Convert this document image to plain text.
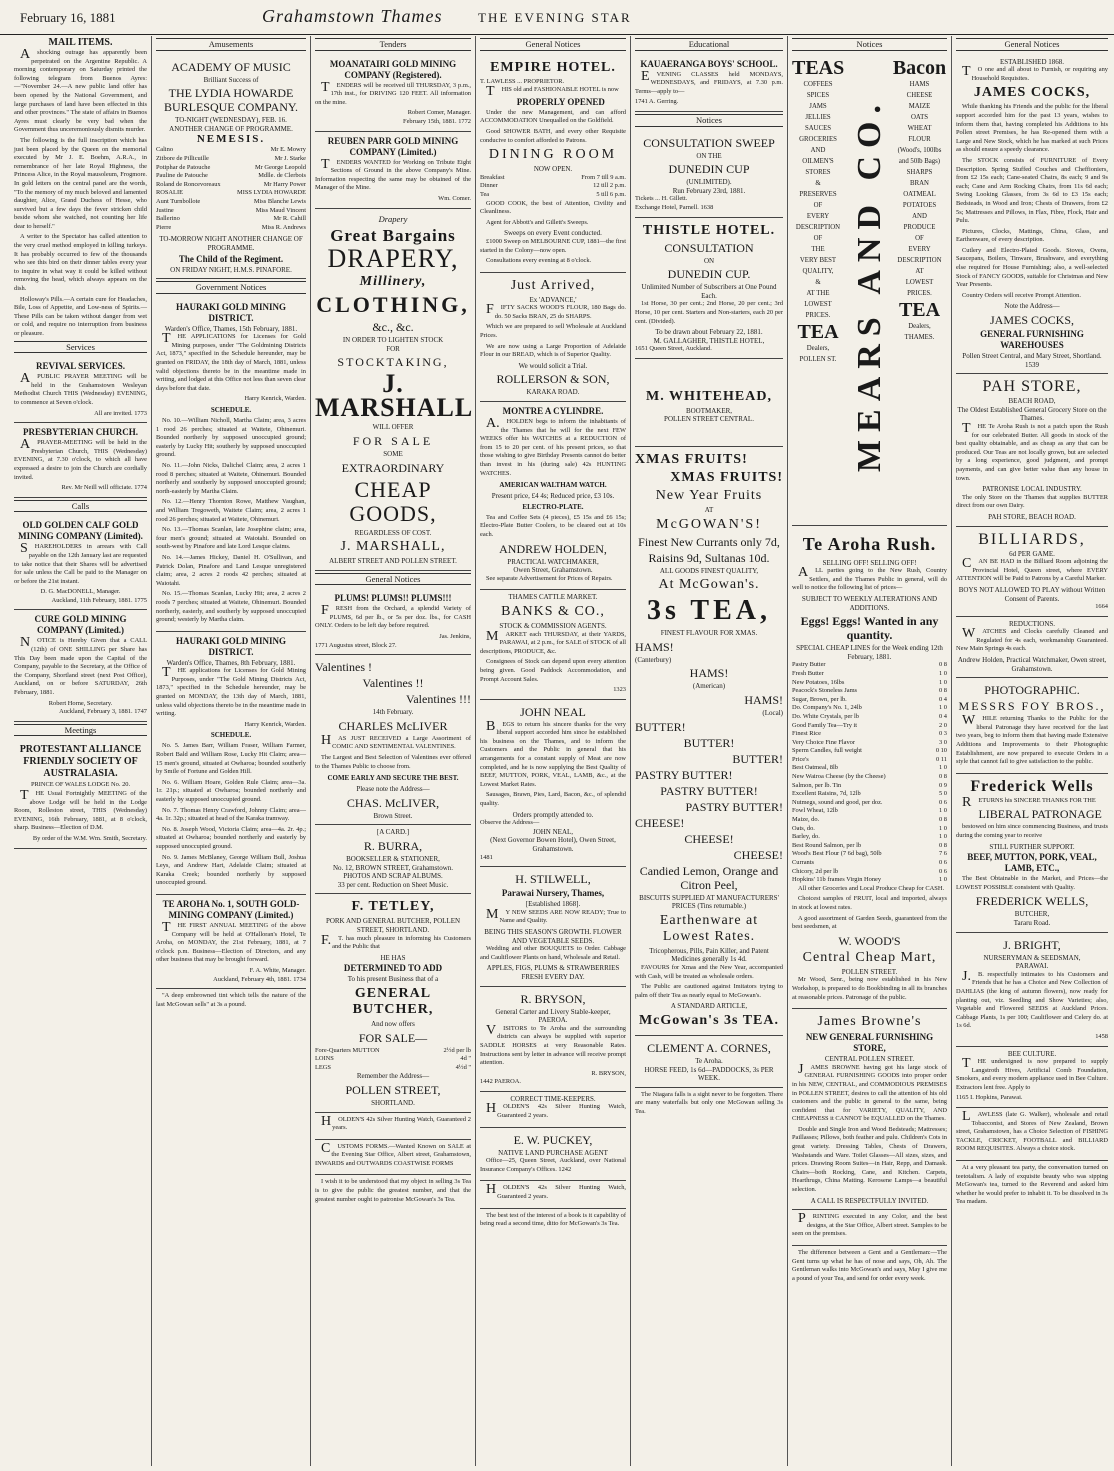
February 16, 1881	Grahamstown Thames	THE EVENING STAR
MAIL ITEMS.

Ashocking outrage has apparently been perpetrated on the Argentine Republic. A morning contemporary on Saturday printed the following telegram from Buenos Ayres:—"November 24.—A new public land offer has been opened by the National Government, and large purchases of land have been effected in this and other provinces." The state of affairs in Buenos Ayres must clearly be very bad when the Government thus unceremoniously dismits murder.

The following is the full inscription which has just been placed by the Queen on the memorial executed by Mr J. E. Boehm, A.R.A., in remembrance of her late Royal Highness, the Princess Alice, in the Royal mausoleum, Frogmore. In gold letters on the central panel are the words, "To the memory of my much beloved and lamented daughter, Alice, Grand Duchess of Hesse, who survived but a few days the fever stricken child beside whom she watched, not counting her life dear to herself."

A writer to the Spectator has called attention to the very cruel method employed in killing turkeys. It has probably occurred to few of the thousands who see this bird on their dinner tables every year to inquire in what way it could be killed without removing the head, which always appears on the dish.

Holloway's Pills.—A certain cure for Headaches, Bile, Loss of Appetite, and Low-ness of Spirits.—These Pills can be taken without danger from wet or cold, and require no interruption from business or pleasure.

Services
REVIVAL SERVICES.

APUBLIC PRAYER MEETING will be held in the Grahamstown Wesleyan Methodist Church THIS (Wednesday) EVENING, to commence at Seven o'clock.

All are invited. 1773
PRESBYTERIAN CHURCH.

APRAYER-MEETING will be held in the Presbyterian Church, THIS (Wednesday) EVENING, at 7.30 o'clock, to which all have expressed a desire to join the Church are cordially invited.

Rev. Mr Neill will officiate. 1774
Calls
OLD GOLDEN CALF GOLD MINING COMPANY (Limited).

SHAREHOLDERS in arrears with Call payable on the 12th January last are requested to take notice that their Shares will be advertised for sale unless the Call be paid to the Manager on or before the 21st instant.

D. G. MacDONELL, Manager.
Auckland, 11th February, 1881. 1775
CURE GOLD MINING COMPANY (Limited.)

NOTICE is Hereby Given that a CALL (12th) of ONE SHILLING per Share has This Day been made upon the Capital of the Company, payable to the Secretary, at the Office of the Company, Shortland street (next Post Office), Auckland, on or before SATURDAY, 26th February, 1881.

Robert Horne, Secretary.
Auckland, February 3, 1881. 1747
Meetings
PROTESTANT ALLIANCE FRIENDLY SOCIETY OF AUSTRALASIA.
PRINCE OF WALES LODGE No. 20.

THE Usual Fortnightly MEETING of the above Lodge will be held in the Lodge Room, Rolleston street, THIS (Wednesday) EVENING, 16th February, 1881, at 8 o'clock, sharp. Business—Election of D.M.

By order of the W.M. Wm. Smith, Secretary.
Amusements
ACADEMY OF MUSIC
Brilliant Success of
THE LYDIA HOWARDE BURLESQUE COMPANY.
TO-NIGHT (WEDNESDAY), FEB. 16.
ANOTHER CHANGE OF PROGRAMME.
NEMESIS.
Calino	Mr E. Mowry
Zitbore de Pillicuille	Mr J. Starke
Potiphar de Patouche	Mr George Leopold
Pauline de Patouche	Mdlle. de Clerbois
Roland de Roncevoreaux	Mr Harry Power
ROSALIE	MISS LYDIA HOWARDE
Aunt Turnbollote	Miss Blanche Lewis
Justine	Miss Maud Vincent
Ballerino	Mr R. Cahill
Pierre	Miss R. Andrews
TO-MORROW NIGHT ANOTHER CHANGE OF PROGRAMME.
The Child of the Regiment.
ON FRIDAY NIGHT, H.M.S. PINAFORE.
Government Notices
HAURAKI GOLD MINING DISTRICT.
Warden's Office, Thames, 15th February, 1881.

THE APPLICATIONS for Licenses for Gold Mining purposes, under "The Goldmining Districts Act, 1873," specified in the Schedule hereunder, may be granted on FRIDAY, the 18th day of March, 1881, unless valid objections thereto be in the meantime made in writing, and lodged at this Office not less than seven clear days before that date.

Harry Kenrick, Warden.
SCHEDULE.

No. 10.—William Nicholl, Martha Claim; area, 3 acres 1 rood 26 perches; situated at Waitete, Ohinemuri. Bounded northerly by supposed unoccupied ground; easterly by Lucky Hit; southerly by supposed unoccupied ground.

No. 11.—John Nicks, Dalichel Claim; area, 2 acres 1 rood 8 perches; situated at Waitete, Ohinemuri. Bounded northerly and southerly by supposed unoccupied ground; north-easterly by Martha Claim.

No. 12.—Henry Thornton Rowe, Matthew Vaughan, and William Tregoweth, Waitete Claim; area, 2 acres 1 rood 26 perches; situated at Waitete, Ohinemuri.

No. 13.—Thomas Scanlan, late Josephine claim; area, four men's ground; situated at Waiotahi. Bounded on south-west by Pinafore and late Lord Lesque claims.

No. 14.—James Hickey, Daniel H. O'Sullivan, and Patrick Dolan, Pinafore and Land Lesque unregistered claim; area, 2 acres 2 roods 42 perches; situated at Waiotahi.

No. 15.—Thomas Scanlan, Lucky Hit; area, 2 acres 2 roods 7 perches; situated at Waitete, Ohinemuri. Bounded northerly, easterly, and southerly by supposed unoccupied ground; westerly by Martha claim.

HAURAKI GOLD MINING DISTRICT.
Warden's Office, Thames, 8th February, 1881.

THE applications for Licenses for Gold Mining Purposes, under "The Gold Mining Districts Act, 1873," specified in the Schedule hereunder, may be granted on MONDAY, the 13th day of March, 1881, unless valid objections thereto be in the meantime made in writing.

Harry Kenrick, Warden.
SCHEDULE.

No. 5. James Barr, William Fraser, William Farmer, Robert Bald and William Rose, Lucky Hit Claim; area—15 men's ground, situated at Owharoa; bounded southerly by Smile of Fortune and Golden Hill.

No. 6. William Hoare, Golden Rule Claim; area—3a. 1r. 21p.; situated at Owharoa; bounded northerly and easterly by supposed unoccupied ground.

No. 7. Thomas Henry Crawford, Johnny Claim; area—4a. 1r. 32p.; situated at head of the Karaka tramway.

No. 8. Joseph Wood, Victoria Claim; area—4a. 2r. 4p.; situated at Owharoa; bounded northerly and easterly by supposed unoccupied ground.

No. 9. James McBlaney, George William Bull, Joshua Leys, and Andrew Hart, Adelaide Claim; situated at Karaka Creek; bounded northerly by supposed unoccupied ground.

TE AROHA No. 1, SOUTH GOLD-MINING COMPANY (Limited.)

THE FIRST ANNUAL MEETING of the above Company will be held at O'Halloran's Hotel, Te Aroha, on MONDAY, the 21st February, 1881, at 7 o'clock p.m. Business—Election of Directors, and any other business that may be brought forward.

F. A. White, Manager.
Auckland, February 4th, 1881. 1734

"A deep embrowned tint which tells the nature of the last McGowan sells" at 3s a pound.

Tenders
MOANATAIRI GOLD MINING COMPANY (Registered).

TENDERS will be received till THURSDAY, 3 p.m., 17th inst., for DRIVING 120 FEET. All information on the mine.

Robert Comer, Manager.
February 15th, 1881. 1772
REUBEN PARR GOLD MINING COMPANY (Limited.)

TENDERS WANTED for Working on Tribute Eight Sections of Ground in the above Company's Mine. Information respecting the same may be obtained of the Manager of the Mine.

Wm. Comer.
Drapery
Great Bargains
DRAPERY,
Millinery,
CLOTHING,
&c., &c.
IN ORDER TO LIGHTEN STOCK
FOR
STOCKTAKING,
J. MARSHALL
WILL OFFER
FOR SALE
SOME
EXTRAORDINARY
CHEAP GOODS,
REGARDLESS OF COST.
J. MARSHALL,
ALBERT STREET AND POLLEN STREET.
General Notices
PLUMS! PLUMS!! PLUMS!!!

FRESH from the Orchard, a splendid Variety of PLUMS, 6d per lb., or 5s per doz. lbs., for CASH ONLY. Orders to be left day before required.

Jas. Jenkins,
1771 Augustus street, Block 27.
Valentines !
Valentines !!
Valentines !!!
14th February.
CHARLES McLIVER

HAS JUST RECEIVED a Large Assortment of COMIC AND SENTIMENTAL VALENTINES.

The Largest and Best Selection of Valentines ever offered to the Thames Public to choose from.

COME EARLY AND SECURE THE BEST.
Please note the Address—
CHAS. McLIVER,
Brown Street.
[A CARD.]
R. BURRA,
BOOKSELLER & STATIONER,
No. 12, BROWN STREET, Grahamstown.
PHOTOS AND SCRAP ALBUMS.
33 per cent. Reduction on Sheet Music.
F. TETLEY,
PORK AND GENERAL BUTCHER, POLLEN STREET, SHORTLAND.

F.T. has much pleasure in informing his Customers and the Public that

HE HAS
DETERMINED TO ADD
To his present Business that of a
GENERAL BUTCHER,
And now offers
FOR SALE—
Fore-Quarters MUTTON	2½d per lb
LOINS	4d "
LEGS	4½d "
Remember the Address—
POLLEN STREET,
SHORTLAND.

HOLDEN'S 42s Silver Hunting Watch, Guaranteed 2 years.

CUSTOMS FORMS.—Wanted Known on SALE at the Evening Star Office, Albert street, Grahamstown, INWARDS and OUTWARDS COASTWISE FORMS

I wish it to be understood that my object in selling 3s Tea is to give the public the greatest number, and that the greatest number ought to patronise McGowan's 3s Tea.

General Notices
EMPIRE HOTEL.
T. LAWLESS ... PROPRIETOR.

THIS old and FASHIONABLE HOTEL is now

PROPERLY OPENED

Under the new Management, and can afford ACCOMMODATION Unequalled on the Goldfield.

Good SHOWER BATH, and every other Requisite conducive to comfort afforded to Patrons.

DINING ROOM
NOW OPEN.
Breakfast	From 7 till 9 a.m.
Dinner	12 till 2 p.m.
Tea	5 till 6 p.m.

GOOD COOK, the best of Attention, Civility and Cleanliness.

Agent for Abbott's and Gillett's Sweeps.

Sweeps on every Event conducted.

£1000 Sweep on MELBOURNE CUP, 1881—the first started in the Colony—now open.

Consultations every evening at 8 o'clock.

Just Arrived,
Ex 'ADVANCE,'

FIFTY SACKS WOOD'S FLOUR, 180 Bags do. do. 50 Sacks BRAN, 25 do SHARPS.

Which we are prepared to sell Wholesale at Auckland Prices.

We are now using a Large Proportion of Adelaide Flour in our BREAD, which is of Superior Quality.

We would solicit a Trial.
ROLLERSON & SON,
KARAKA ROAD.
MONTRE A CYLINDRE.

A.HOLDEN begs to inform the inhabitants of the Thames that he will for the next FEW WEEKS offer his WATCHES at a REDUCTION of from 15 to 20 per cent. of his present prices, so that those wishing to give Birthday Presents cannot do better than invest in his (during sale) 42s HUNTING WATCHES.

AMERICAN WALTHAM WATCH.
Present price, £4 4s; Reduced price, £3 10s.
ELECTRO-PLATE.

Tea and Coffee Sets (4 pieces), £5 15s and £6 15s; Electro-Plate Butter Coolers, to be cleared out at 10s each.

ANDREW HOLDEN,
PRACTICAL WATCHMAKER,
Owen Street, Grahamstown.

See separate Advertisement for Prices of Repairs.

THAMES CATTLE MARKET.
BANKS & CO.,
STOCK & COMMISSION AGENTS.

MARKET each THURSDAY, at their YARDS, PARAWAI, at 2 p.m., for SALE of STOCK of all descriptions, PRODUCE, &c.

Consignees of Stock can depend upon every attention being given. Good Paddock Accommodation, and Prompt Account Sales.

1323
JOHN NEAL

BEGS to return his sincere thanks for the very liberal support accorded him since he established his business on the Thames, and to inform the Customers and the Public in general that his arrangements for a constant supply of Meat are now completed, and he is now supplying the Best Quality of BEEF, MUTTON, PORK, VEAL, LAMB, &c., at the Lowest Market Rates.

Sausages, Brawn, Pies, Lard, Bacon, &c., of splendid quality.

Orders promptly attended to.
Observe the Address—
JOHN NEAL,
(Next Governor Bowen Hotel), Owen Street, Grahamstown.
1481
H. STILWELL,
Parawai Nursery, Thames,
[Established 1868].

MY NEW SEEDS ARE NOW READY; True to Name and Quality.

BEING THIS SEASON'S GROWTH. FLOWER AND VEGETABLE SEEDS.

Wedding and other BOUQUETS to Order. Cabbage and Cauliflower Plants on hand, Wholesale and Retail.

APPLES, FIGS, PLUMS & STRAWBERRIES FRESH EVERY DAY.
R. BRYSON,
General Carter and Livery Stable-keeper, PAEROA.

VISITORS to Te Aroha and the surrounding districts can always be supplied with superior SADDLE HORSES at very Reasonable Rates. Instructions sent by letter in advance will receive prompt attention.

R. BRYSON,
1442 PAEROA.
CORRECT TIME-KEEPERS.

HOLDEN'S 42s Silver Hunting Watch, Guaranteed 2 years.

E. W. PUCKEY,
NATIVE LAND PURCHASE AGENT

Office—25, Queen Street, Auckland, over National Insurance Company's Offices. 1242

HOLDEN'S 42s Silver Hunting Watch, Guaranteed 2 years.

The best test of the interest of a book is it capability of being read a second time, ditto for McGowan's 3s Tea.

Educational
KAUAERANGA BOYS' SCHOOL.

EVENING CLASSES held MONDAYS, WEDNESDAYS, and FRIDAYS, at 7.30 p.m. Terms—apply to—

1741 A. Gerring.
Notices
CONSULTATION SWEEP
ON THE
DUNEDIN CUP
(UNLIMITED).
Run February 23rd, 1881.
Tickets ... H. Gillett.
Exchange Hotel, Parnell. 1638
THISTLE HOTEL.
CONSULTATION
ON
DUNEDIN CUP.
Unlimited Number of Subscribers at One Pound Each.

1st Horse, 30 per cent.; 2nd Horse, 20 per cent.; 3rd Horse, 10 per cent. Starters and Non-starters, each 20 per cent. (Divided).

To be drawn about February 22, 1881.
M. GALLAGHER, THISTLE HOTEL,
1651 Queen Street, Auckland.
M. WHITEHEAD,
BOOTMAKER,
POLLEN STREET CENTRAL.
XMAS FRUITS!
XMAS FRUITS!
New Year Fruits
AT
McGOWAN'S!
Finest New Currants only 7d,
Raisins 9d, Sultanas 10d.
ALL GOODS FINEST QUALITY,
At McGowan's.
3s TEA,
FINEST FLAVOUR FOR XMAS.
HAMS!
(Canterbury)
HAMS!
(American)
HAMS!
(Local)
BUTTER!
BUTTER!
BUTTER!
PASTRY BUTTER!
PASTRY BUTTER!
PASTRY BUTTER!
CHEESE!
CHEESE!
CHEESE!
Candied Lemon, Orange and Citron Peel,
BISCUITS SUPPLIED AT MANUFACTURERS' PRICES (Tins returnable.)
Earthenware at Lowest Rates.
Tricopherous, Pills, Pain Killer, and Patent Medicines generally 1s 4d.

FAVOURS for Xmas and the New Year, accompanied with Cash, will be treated as wholesale orders.

The Public are cautioned against Imitators trying to palm off their Tea as nearly equal to McGowan's.

A STANDARD ARTICLE,
McGowan's 3s TEA.
CLEMENT A. CORNES,
Te Aroha.
HORSE FEED, 1s 6d—PADDOCKS, 3s PER WEEK.

The Niagara falls is a sight never to be forgotten. There are many waterfalls but only one McGowan selling 3s Tea.

Notices
TEAS
COFFEES
SPICES
JAMS
JELLIES
SAUCES
GROCERIES
AND
OILMEN'S
STORES
&
PRESERVES
OF
EVERY
DESCRIPTION
OF
THE
VERY BEST
QUALITY,
&
AT THE
LOWEST
PRICES.
TEA
Dealers,
POLLEN ST. MEARS AND CO.
Bacon
HAMS
CHEESE
MAIZE
OATS
WHEAT
FLOUR
(Wood's, 100lbs
and 50lb Bags)
SHARPS
BRAN
OATMEAL
POTATOES
AND
PRODUCE
OF
EVERY
DESCRIPTION
AT
LOWEST
PRICES.
TEA
Dealers,
THAMES.
Te Aroha Rush.
SELLING OFF! SELLING OFF!

ALL parties going to the New Rush, Country Settlers, and the Thames Public in general, will do well to notice the following list of prices—

SUBJECT TO WEEKLY ALTERATIONS AND ADDITIONS.
Eggs! Eggs! Wanted in any quantity.
SPECIAL CHEAP LINES for the Week ending 12th February, 1881.
Pastry Butter	0 8
Fresh Butter	1 0
New Potatoes, 16lbs	1 0
Peacock's Stoneless Jams	0 8
Sugar, Brown, per lb.	0 4
Do. Company's No. 1, 24lb	1 0
Do. White Crystals, per lb	0 4
Good Family Tea—Try it	2 0
Finest Rice	0 3
Very Choice Fine Flavor	3 0
Sperm Candles, full weight	0 10
Price's	0 11
Best Oatmeal, 8lb	1 0
New Wairoa Cheese (by the Cheese)	0 8
Salmon, per lb. Tin	0 9
Excellent Raisins, 7d, 12lb	5 0
Nutmegs, sound and good, per doz.	0 6
Fowl Wheat, 12lb	1 0
Maize, do.	0 8
Oats, do.	1 0
Barley, do.	1 0
Best Round Salmon, per lb	0 8
Wood's Best Flour (7 6d bag), 50lb	7 6
Currants	0 6
Chicory, 2d per lb	0 6
Hopkins' 11b frames Virgin Honey	1 0

All other Groceries and Local Produce Cheap for CASH.

Choicest samples of FRUIT, local and imported, always in stock at lowest rates.

A good assortment of Garden Seeds, guaranteed from the best seedsmen, at

W. WOOD'S
Central Cheap Mart,
POLLEN STREET.

Mr Wood, Senr., being now established in his New Workshop, is prepared to do Bookbinding in all its branches at reasonable prices. Patronage of the public.

James Browne's
NEW GENERAL FURNISHING STORE,
CENTRAL POLLEN STREET.

JAMES BROWNE having got his large stock of GENERAL FURNISHING GOODS into proper order in his NEW, CENTRAL, and COMMODIOUS PREMISES in POLLEN STREET, desires to call the attention of his old customers and the public in general to the same, being confident that for VARIETY, QUALITY, AND CHEAPNESS it CANNOT be EQUALLED on the Thames.

Double and Single Iron and Wood Bedsteads; Mattresses; Paillasses; Pillows, both feather and pulu. Children's Cots in great variety. Dressing Tables, Chests of Drawers, Washstands and Ware. Toilet Glasses—All sizes, sizes, and prices. Drawing Room Suites—in Hair, Repp, and Damask. Chairs—both Rocking, Cane, and Kitchen. Carpets, Hearthrugs, China Matting. Kerosene Lamps—a beautiful selection.

A CALL IS RESPECTFULLY INVITED.

PRINTING executed in any Color, and the best designs, at the Star Office, Albert street. Samples to be seen on the premises.

The difference between a Gent and a Gentleman:—The Gent turns up what he has of nose and says, Oh, Ah. The Gentleman walks into McGowan's and says, May I give me a pound of your Tea, and send for order every week.

General Notices
ESTABLISHED 1868.

TO one and all about to Furnish, or requiring any Household Requisites.

JAMES COCKS,

While thanking his Friends and the public for the liberal support accorded him for the past 13 years, wishes to inform them that, having completed his Additions to his Pollen street Premises, he has Re-opened them with a Large and New Stock, which he has marked at such Prices as should ensure a speedy clearance.

The STOCK consists of FURNITURE of Every Description. Spring Stuffed Couches and Cheffioniers, from £2 15s each; Cane-seated Chairs, 8s each; 9 and 9s each; Cane and Arm Rocking Chairs, from 11s 6d each; Swing Looking Glasses, from 3s 6d to £3 15s each; Bedsteads, in Wood and Iron; Chests of Drawers, from £2 5s; Mattresses and Pillows, in Flax, Fibre, Flock, Hair and Pulu.

Pictures, Clocks, Mattings, China, Glass, and Earthenware, of every description.

Cutlery and Electro-Plated Goods. Stoves, Ovens, Saucepans, Boilers, Tinware, Brushware, and everything else required for House Furnishing; also, a well-selected Stock of FANCY GOODS, suitable for Christmas and New Year Presents.

Country Orders will receive Prompt Attention.

Note the Address—
JAMES COCKS,
GENERAL FURNISHING WAREHOUSES
Pollen Street Central, and Mary Street, Shortland. 1539
PAH STORE,
BEACH ROAD,
The Oldest Established General Grocery Store on the Thames.

THE Te Aroha Rush is not a patch upon the Rush for our celebrated Butter. All goods in stock of the best quality obtainable, and as cheap as any that can be produced. Our Teas are not locally grown, but are selected by a long experience, good judgment, and prompt payments, and can give better value than any house in town.

PATRONISE LOCAL INDUSTRY.

The only Store on the Thames that supplies BUTTER direct from our own Dairy.

PAH STORE, BEACH ROAD.
BILLIARDS,
6d PER GAME.

CAN BE HAD in the Billiard Room adjoining the Provincial Hotel, Queen street, where EVERY ATTENTION will be Paid to Patrons by a Careful Marker.

BOYS NOT ALLOWED TO PLAY without Written Consent of Parents.
1664
REDUCTIONS.

WATCHES and Clocks carefully Cleaned and Regulated for 4s each, workmanship Guaranteed. New Main Springs 4s each.

Andrew Holden, Practical Watchmaker, Owen street, Grahamstown.
PHOTOGRAPHIC.
MESSRS FOY BROS.,

WHILE returning Thanks to the Public for the liberal Patronage they have received for the last two years, beg to inform them that having made Extensive Additions and Improvements to their Photographic Establishment, are now prepared to execute Orders in a style that cannot fail to give satisfaction to the public.

Frederick Wells

RETURNS his SINCERE THANKS FOR THE

LIBERAL PATRONAGE

bestowed on him since commencing Business, and trusts during the coming year to receive

STILL FURTHER SUPPORT.
BEEF, MUTTON, PORK, VEAL, LAMB, ETC.,

The Best Obtainable in the Market, and Prices—the LOWEST POSSIBLE consistent with Quality.

FREDERICK WELLS,
BUTCHER,
Tararu Road.
J. BRIGHT,
NURSERYMAN & SEEDSMAN,
PARAWAI.

J.B. respectfully intimates to his Customers and Friends that he has a Choice and New Collection of DAHLIAS (the king of autumn flowers), now ready for planting out, viz. Seedling and Show Varieties; also, Vegetable and Flowered SEEDS at Auckland Prices. Cabbage Plants, 1s per 100; Cauliflower and Celery do. at 1s 6d.

1458
BEE CULTURE.

THE undersigned is now prepared to supply Langstroth Hives, Artificial Comb Foundation, Smokers, and every modern appliance used in Bee Culture. Extractors lent free. Apply to

1165 I. Hopkins, Parawai.

LAWLESS (late G. Walker), wholesale and retail Tobacconist, and Stores of New Zealand, Brown street, Grahamstown, has a Choice Selection of FISHING TACKLE, CRICKET, FOOTBALL and BILLIARD ROOM REQUISITES. Always a choice stock.

At a very pleasant tea party, the conversation turned on teetotalism. A lady of exquisite beauty who was sipping McGowan's tea, turned to the Reverend and asked him whether he would prefer to inhabit it. To be dissolved in 3s Tea madam.
